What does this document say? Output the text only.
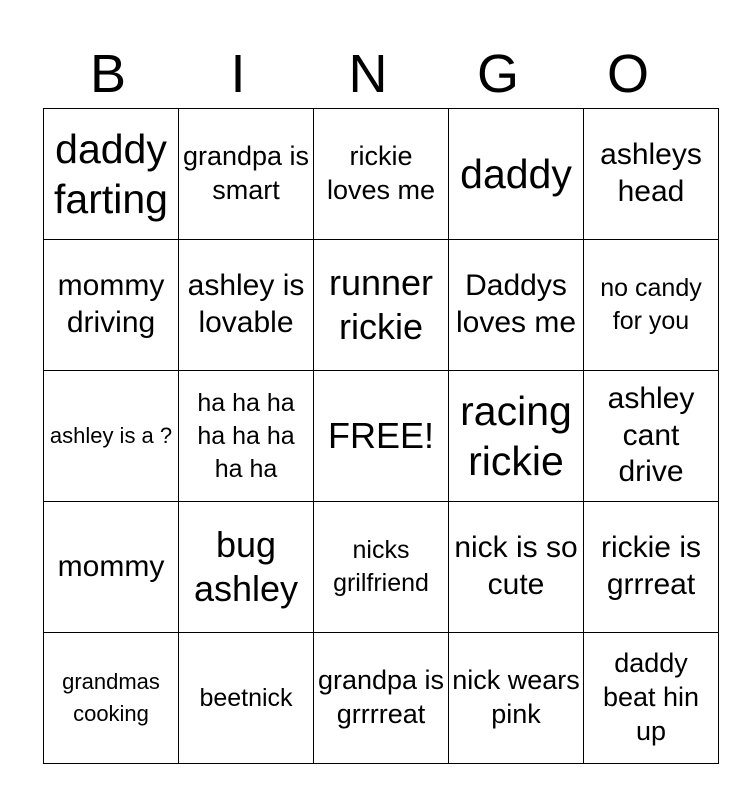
B	I	N	G	O
daddy farting	grandpa is smart	rickie loves me	daddy	ashleys head

mommy driving	ashley is lovable	runner rickie	Daddys loves me	no candy for you

ashley is a ?	ha ha ha ha ha ha ha ha	FREE!	racing rickie	ashley cant drive

mommy	bug ashley	nicks grilfriend	nick is so cute	rickie is grrreat

grandmas cooking	beetnick	grandpa is grrrreat	nick wears pink	daddy beat hin up
